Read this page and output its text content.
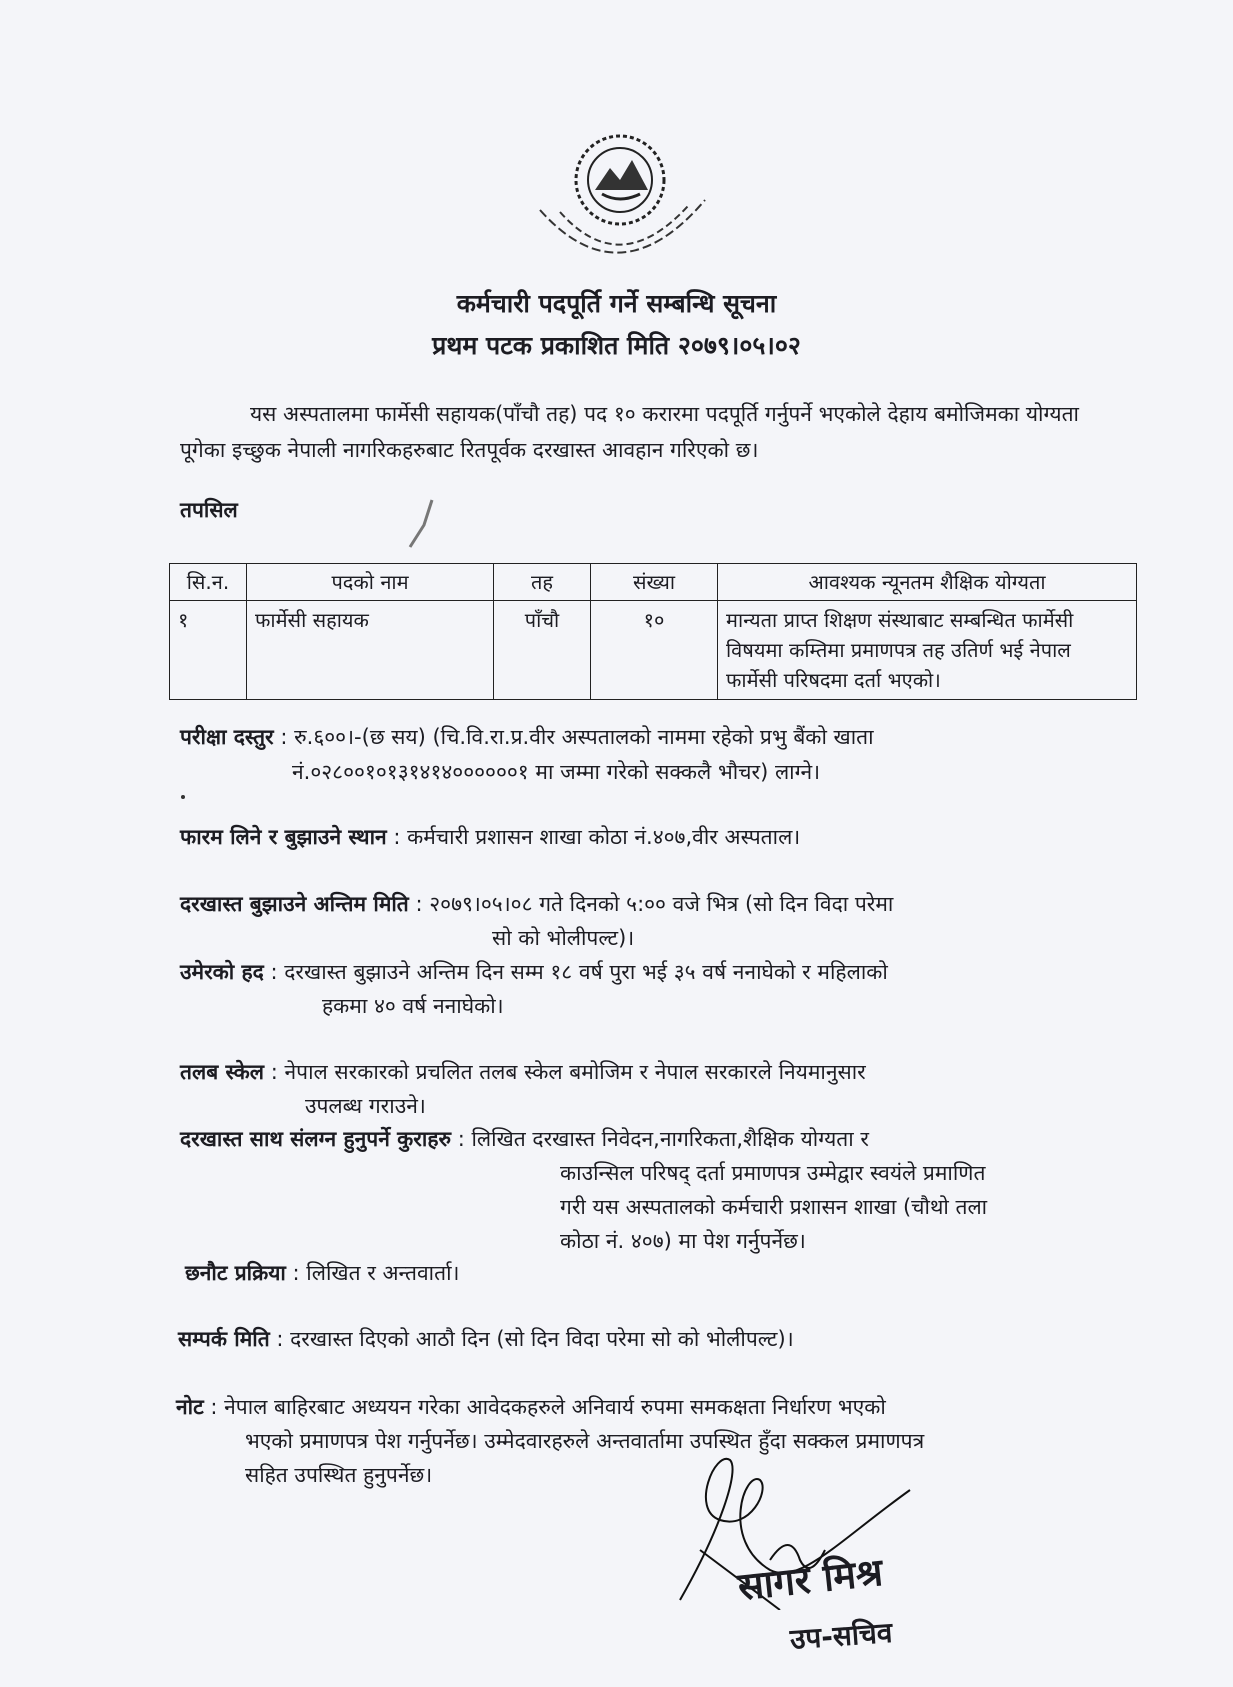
कर्मचारी पदपूर्ति गर्ने सम्बन्धि सूचना
प्रथम पटक प्रकाशित मिति २०७९।०५।०२
यस अस्पतालमा फार्मेसी सहायक(पाँचौ तह) पद १० करारमा पदपूर्ति गर्नुपर्ने भएकोले देहाय बमोजिमका योग्यता पूगेका इच्छुक नेपाली नागरिकहरुबाट रितपूर्वक दरखास्त आवहान गरिएको छ।
तपसिल
सि.न.	पदको नाम	तह	संख्या	आवश्यक न्यूनतम शैक्षिक योग्यता
१	फार्मेसी सहायक	पाँचौ	१०	मान्यता प्राप्त शिक्षण संस्थाबाट सम्बन्धित फार्मेसी विषयमा कम्तिमा प्रमाणपत्र तह उतिर्ण भई नेपाल फार्मेसी परिषदमा दर्ता भएको।
परीक्षा दस्तुर : रु.६००।-(छ सय) (चि.वि.रा.प्र.वीर अस्पतालको नाममा रहेको प्रभु बैंको खाता
नं.०२८००१०१३१४१४००००००१ मा जम्मा गरेको सक्कलै भौचर) लाग्ने।
फारम लिने र बुझाउने स्थान : कर्मचारी प्रशासन शाखा कोठा नं.४०७,वीर अस्पताल।
दरखास्त बुझाउने अन्तिम मिति : २०७९।०५।०८ गते दिनको ५:०० वजे भित्र (सो दिन विदा परेमा
सो को भोलीपल्ट)।
उमेरको हद : दरखास्त बुझाउने अन्तिम दिन सम्म १८ वर्ष पुरा भई ३५ वर्ष ननाघेको र महिलाको
हकमा ४० वर्ष ननाघेको।
तलब स्केल : नेपाल सरकारको प्रचलित तलब स्केल बमोजिम र नेपाल सरकारले नियमानुसार
उपलब्ध गराउने।
दरखास्त साथ संलग्न हुनुपर्ने कुराहरु : लिखित दरखास्त निवेदन,नागरिकता,शैक्षिक योग्यता र
काउन्सिल परिषद् दर्ता प्रमाणपत्र उम्मेद्वार स्वयंले प्रमाणित
गरी यस अस्पतालको कर्मचारी प्रशासन शाखा (चौथो तला
कोठा नं. ४०७) मा पेश गर्नुपर्नेछ।
छनौट प्रक्रिया : लिखित र अन्तवार्ता।
सम्पर्क मिति : दरखास्त दिएको आठौ दिन (सो दिन विदा परेमा सो को भोलीपल्ट)।
नोट : नेपाल बाहिरबाट अध्ययन गरेका आवेदकहरुले अनिवार्य रुपमा समकक्षता निर्धारण भएको
भएको प्रमाणपत्र पेश गर्नुपर्नेछ। उम्मेदवारहरुले अन्तवार्तामा उपस्थित हुँदा सक्कल प्रमाणपत्र
सहित उपस्थित हुनुपर्नेछ।
सागर मिश्र
उप-सचिव
